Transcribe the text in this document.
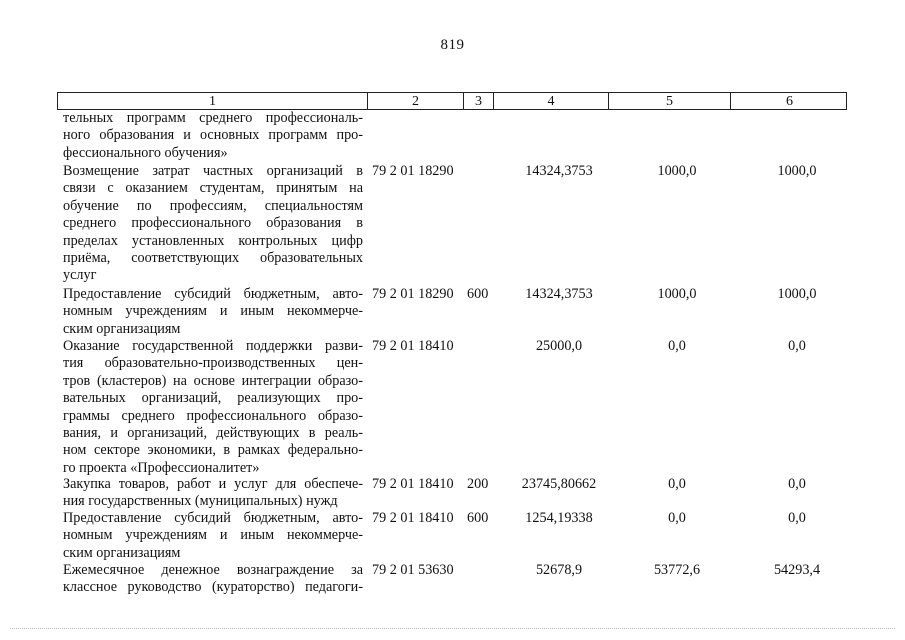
819
1	2	3	4	5	6
тельных программ среднего профессиональ-
ного образования и основных программ про-
фессионального обучения»
Возмещение затрат частных организаций в
связи с оказанием студентам, принятым на
обучение по профессиям, специальностям
среднего профессионального образования в
пределах установленных контрольных цифр
приёма, соответствующих образовательных
услуг
79 2 01 18290	14324,3753	1000,0	1000,0
Предоставление субсидий бюджетным, авто-
номным учреждениям и иным некоммерче-
ским организациям
79 2 01 18290 600	14324,3753	1000,0	1000,0
Оказание государственной поддержки разви-
тия образовательно-производственных цен-
тров (кластеров) на основе интеграции образо-
вательных организаций, реализующих про-
граммы среднего профессионального образо-
вания, и организаций, действующих в реаль-
ном секторе экономики, в рамках федерально-
го проекта «Профессионалитет»
79 2 01 18410	25000,0	0,0	0,0
Закупка товаров, работ и услуг для обеспече-
ния государственных (муниципальных) нужд
79 2 01 18410 200	23745,80662	0,0	0,0
Предоставление субсидий бюджетным, авто-
номным учреждениям и иным некоммерче-
ским организациям
79 2 01 18410 600	1254,19338	0,0	0,0
Ежемесячное денежное вознаграждение за
классное руководство (кураторство) педагоги-
79 2 01 53630	52678,9	53772,6	54293,4
